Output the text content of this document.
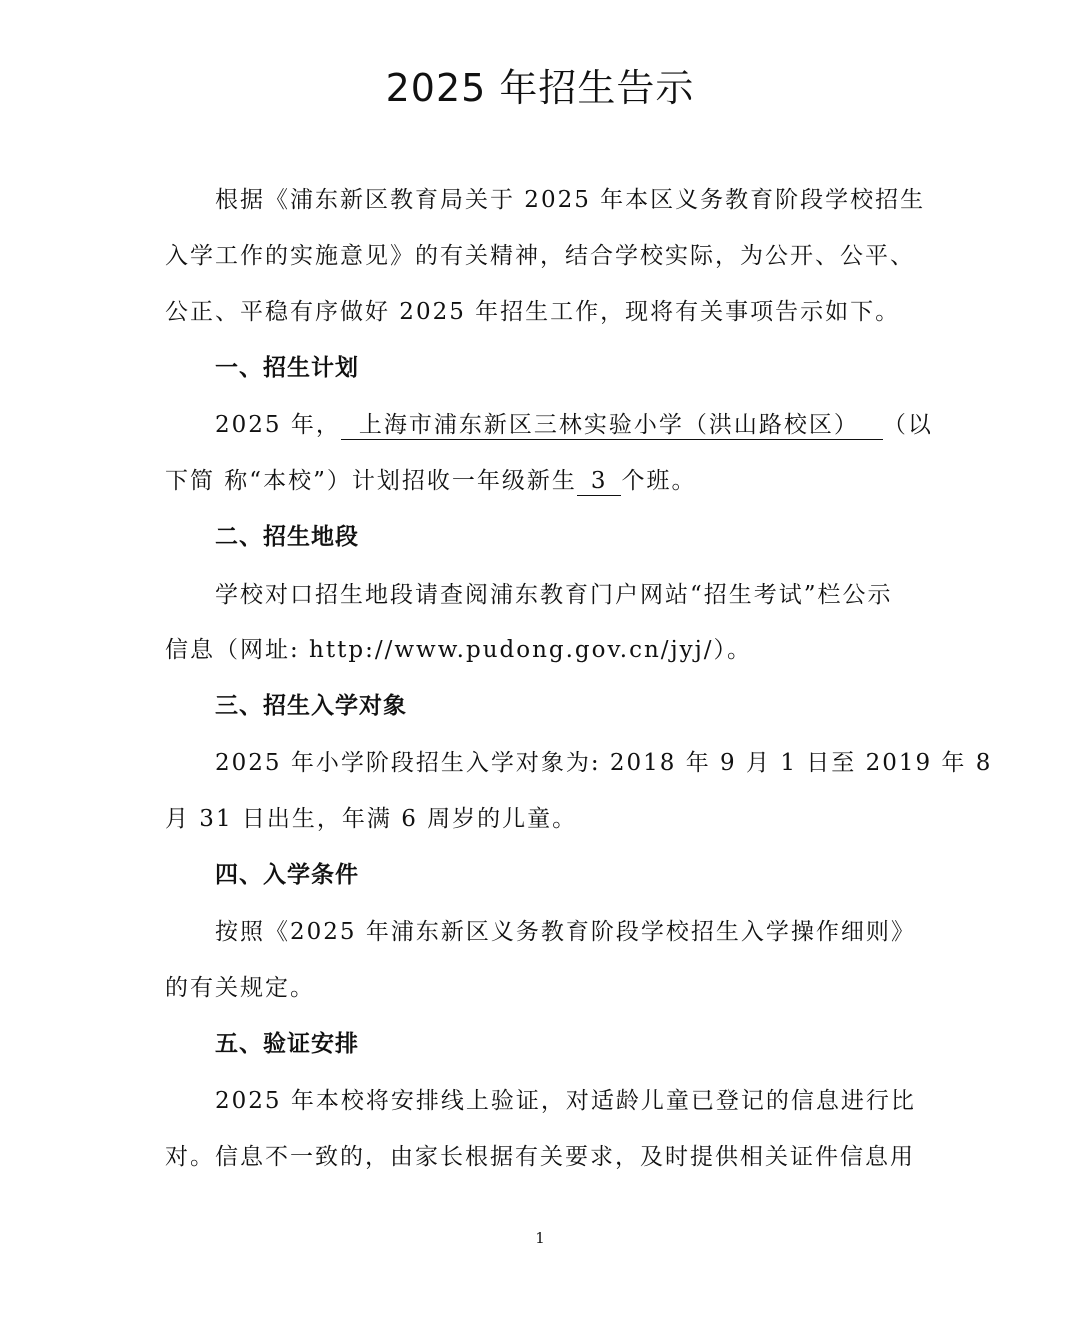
2025 年招生告示
根据《浦东新区教育局关于 2025 年本区义务教育阶段学校招生
入学工作的实施意见》的有关精神，结合学校实际，为公开、公平、
公正、平稳有序做好 2025 年招生工作，现将有关事项告示如下。
一、招生计划
2025 年， 上海市浦东新区三林实验小学（洪山路校区） （以
下简 称“本校”）计划招收一年级新生 3 个班。
二、招生地段
学校对口招生地段请查阅浦东教育门户网站“招生考试”栏公示
信息（网址: http://www.pudong.gov.cn/jyj/）。
三、招生入学对象
2025 年小学阶段招生入学对象为: 2018 年 9 月 1 日至 2019 年 8
月 31 日出生，年满 6 周岁的儿童。
四、入学条件
按照《2025 年浦东新区义务教育阶段学校招生入学操作细则》
的有关规定。
五、验证安排
2025 年本校将安排线上验证，对适龄儿童已登记的信息进行比
对。信息不一致的，由家长根据有关要求，及时提供相关证件信息用
1
